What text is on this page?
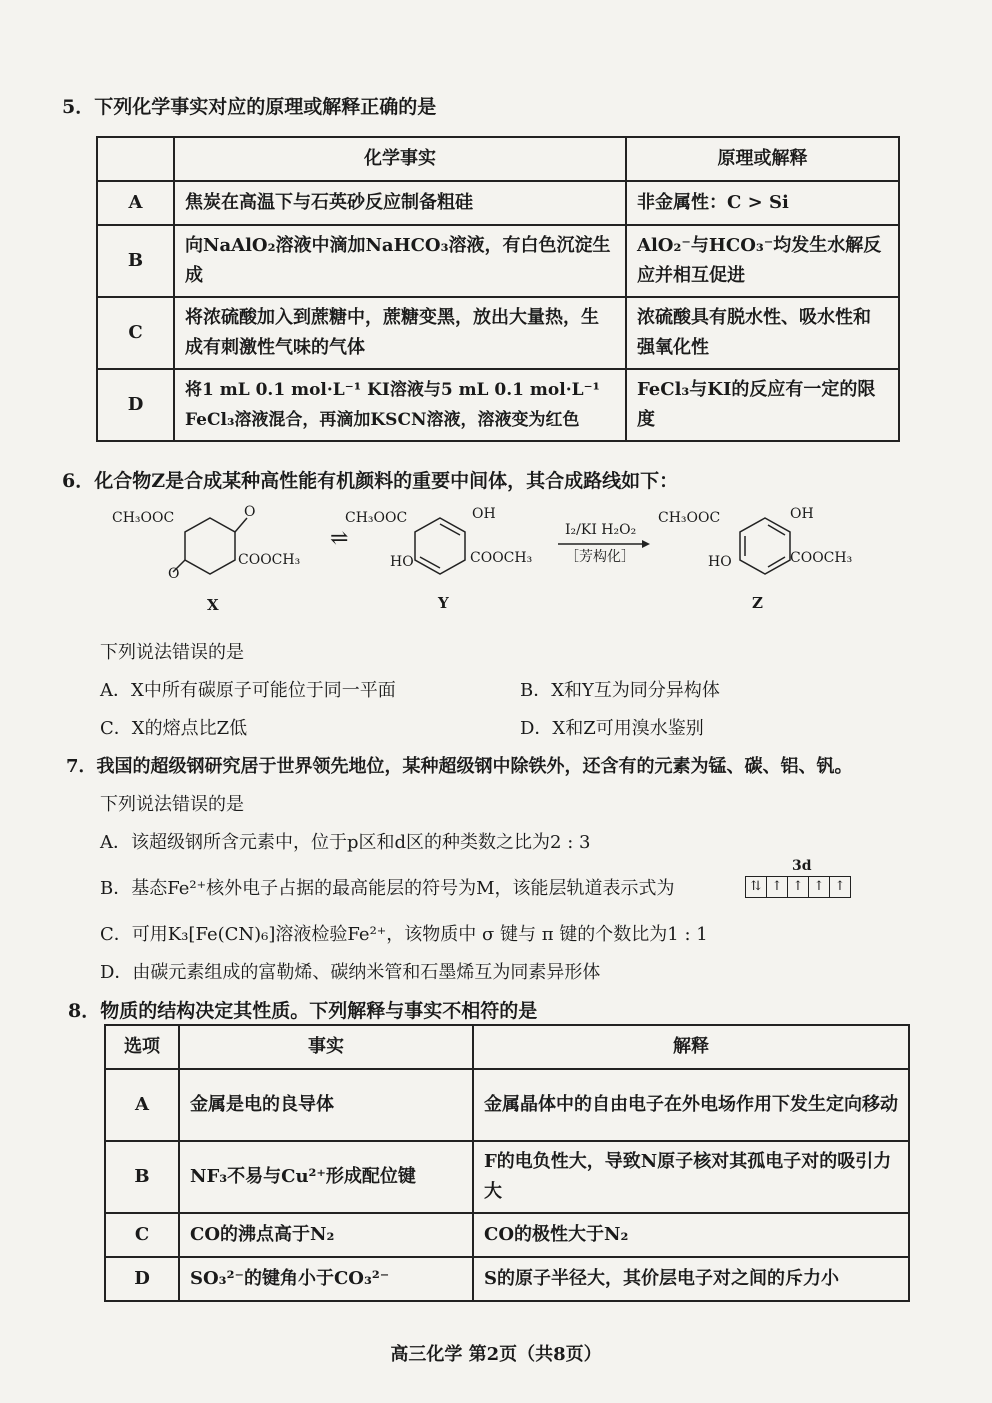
5．下列化学事实对应的原理或解释正确的是
	化学事实	原理或解释
A	焦炭在高温下与石英砂反应制备粗硅	非金属性：C > Si
B	向NaAlO₂溶液中滴加NaHCO₃溶液，有白色沉淀生成	AlO₂⁻与HCO₃⁻均发生水解反应并相互促进
C	将浓硫酸加入到蔗糖中，蔗糖变黑，放出大量热，生成有刺激性气味的气体	浓硫酸具有脱水性、吸水性和强氧化性
D	将1 mL 0.1 mol·L⁻¹ KI溶液与5 mL 0.1 mol·L⁻¹ FeCl₃溶液混合，再滴加KSCN溶液，溶液变为红色	FeCl₃与KI的反应有一定的限度
6．化合物Z是合成某种高性能有机颜料的重要中间体，其合成路线如下：
CH₃OOC	O
O
COOCH₃
⇌
CH₃OOC	OH
HO	COOCH₃
I₂/KI H₂O₂
［芳构化］
CH₃OOC	OH
HO	COOCH₃
X	Y	Z
下列说法错误的是
A．X中所有碳原子可能位于同一平面	B．X和Y互为同分异构体
C．X的熔点比Z低	D．X和Z可用溴水鉴别
7．我国的超级钢研究居于世界领先地位，某种超级钢中除铁外，还含有的元素为锰、碳、铝、钒。
下列说法错误的是
A．该超级钢所含元素中，位于p区和d区的种类数之比为2 : 3
B．基态Fe²⁺核外电子占据的最高能层的符号为M，该能层轨道表示式为
3d
⇅ ↑ ↑ ↑ ↑
C．可用K₃[Fe(CN)₆]溶液检验Fe²⁺，该物质中 σ 键与 π 键的个数比为1 : 1
D．由碳元素组成的富勒烯、碳纳米管和石墨烯互为同素异形体
8．物质的结构决定其性质。下列解释与事实不相符的是
选项	事实	解释
A	金属是电的良导体	金属晶体中的自由电子在外电场作用下发生定向移动
B	NF₃不易与Cu²⁺形成配位键	F的电负性大，导致N原子核对其孤电子对的吸引力大
C	CO的沸点高于N₂	CO的极性大于N₂
D	SO₃²⁻的键角小于CO₃²⁻	S的原子半径大，其价层电子对之间的斥力小
高三化学 第2页（共8页）
